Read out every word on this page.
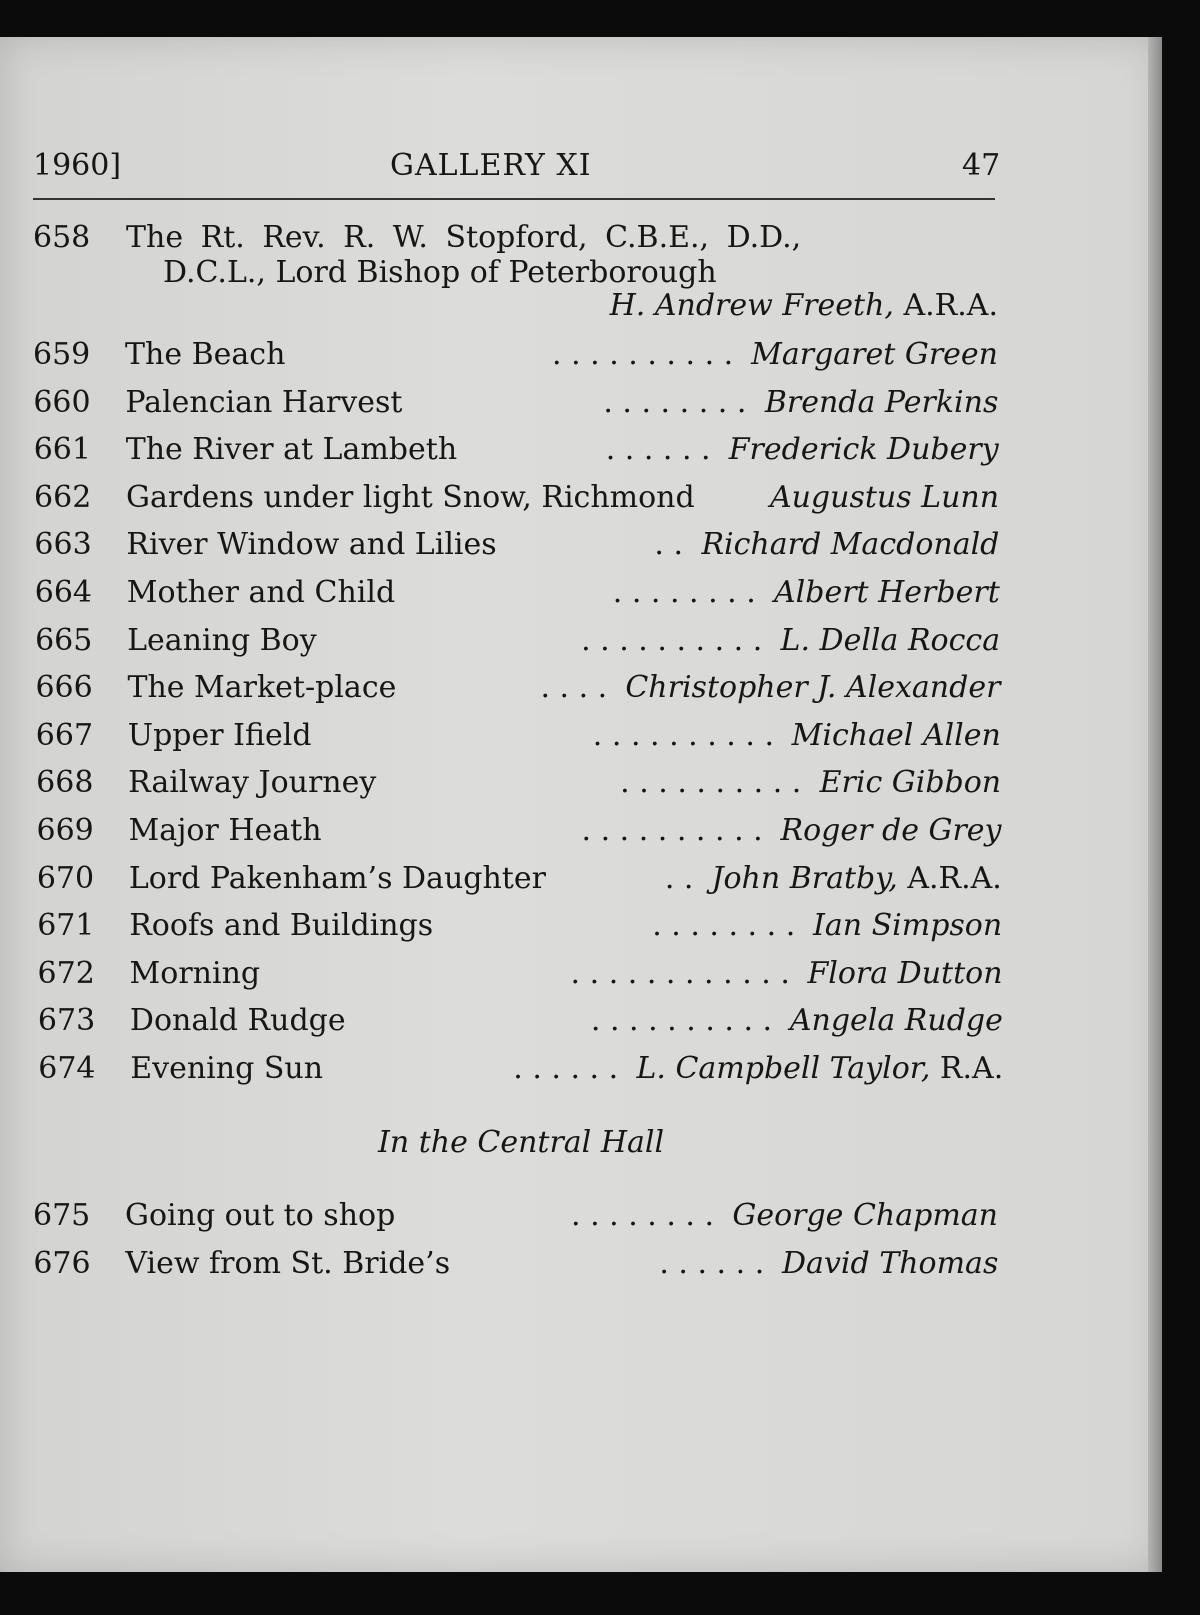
1960]	GALLERY XI	47
658 The Rt. Rev. R. W. Stopford, C.B.E., D.D.,
D.C.L., Lord Bishop of Peterborough
H. Andrew Freeth, A.R.A.
659 The Beach	. . . . . . . . . . Margaret Green
660 Palencian Harvest	. . . . . . . . Brenda Perkins
661 The River at Lambeth	. . . . . . Frederick Dubery
662 Gardens under light Snow, Richmond	Augustus Lunn
663 River Window and Lilies	. . Richard Macdonald
664 Mother and Child	. . . . . . . . Albert Herbert
665 Leaning Boy	. . . . . . . . . . L. Della Rocca
666 The Market-place	. . . . Christopher J. Alexander
667 Upper Ifield	. . . . . . . . . . Michael Allen
668 Railway Journey	. . . . . . . . . . Eric Gibbon
669 Major Heath	. . . . . . . . . . Roger de Grey
670 Lord Pakenham’s Daughter	. . John Bratby, A.R.A.
671 Roofs and Buildings	. . . . . . . . Ian Simpson
672 Morning	. . . . . . . . . . . . Flora Dutton
673 Donald Rudge	. . . . . . . . . . Angela Rudge
674 Evening Sun	. . . . . . L. Campbell Taylor, R.A.
In the Central Hall
675 Going out to shop	. . . . . . . . George Chapman
676 View from St. Bride’s	. . . . . . David Thomas
